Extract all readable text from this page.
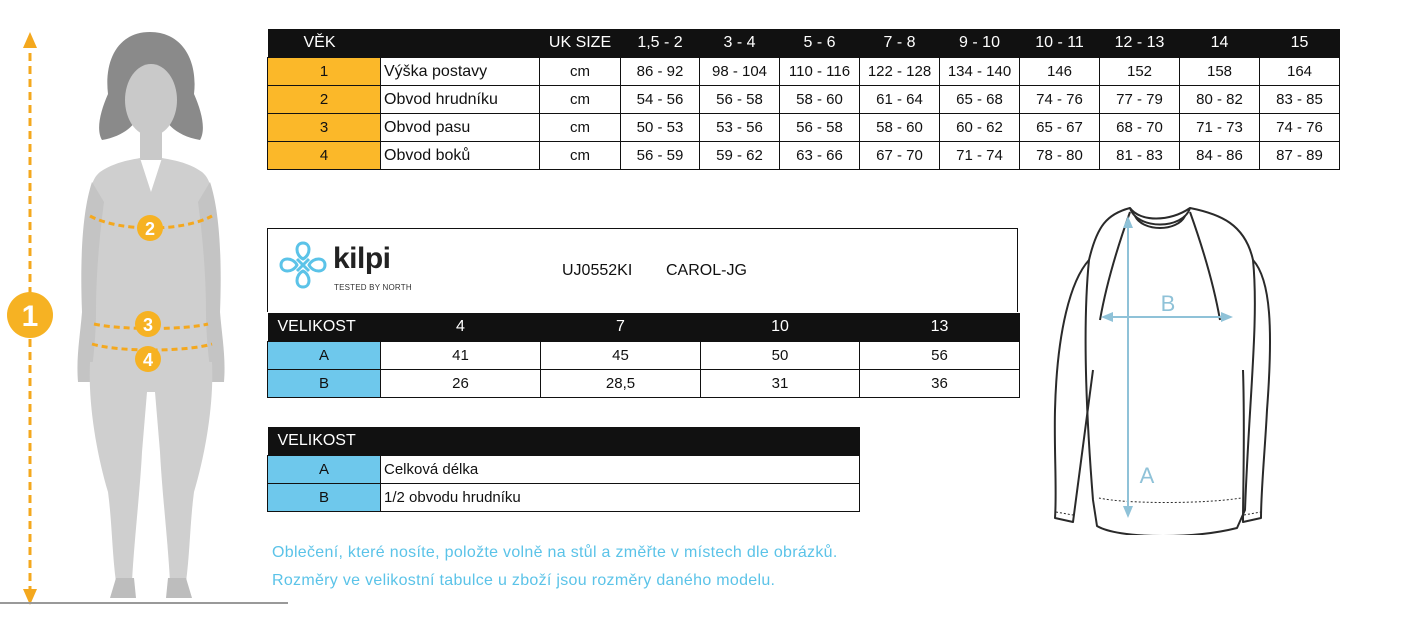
1
2
3
4
VĚK		UK SIZE	1,5 - 2	3 - 4	5 - 6	7 - 8	9 - 10	10 - 11	12 - 13	14	15
1	Výška postavy	cm	86 - 92	98 - 104	110 - 116	122 - 128	134 - 140	146	152	158	164
2	Obvod hrudníku	cm	54 - 56	56 - 58	58 - 60	61 - 64	65 - 68	74 - 76	77 - 79	80 - 82	83 - 85
3	Obvod pasu	cm	50 - 53	53 - 56	56 - 58	58 - 60	60 - 62	65 - 67	68 - 70	71 - 73	74 - 76
4	Obvod boků	cm	56 - 59	59 - 62	63 - 66	67 - 70	71 - 74	78 - 80	81 - 83	84 - 86	87 - 89
kilpi
TESTED BY NORTH
UJ0552KI CAROL-JG
VELIKOST	4	7	10	13
A	41	45	50	56
B	26	28,5	31	36
VELIKOST	
A	Celková délka
B	1/2 obvodu hrudníku
Oblečení, které nosíte, položte volně na stůl a změřte v místech dle obrázků.
Rozměry ve velikostní tabulce u zboží jsou rozměry daného modelu.
B
A
